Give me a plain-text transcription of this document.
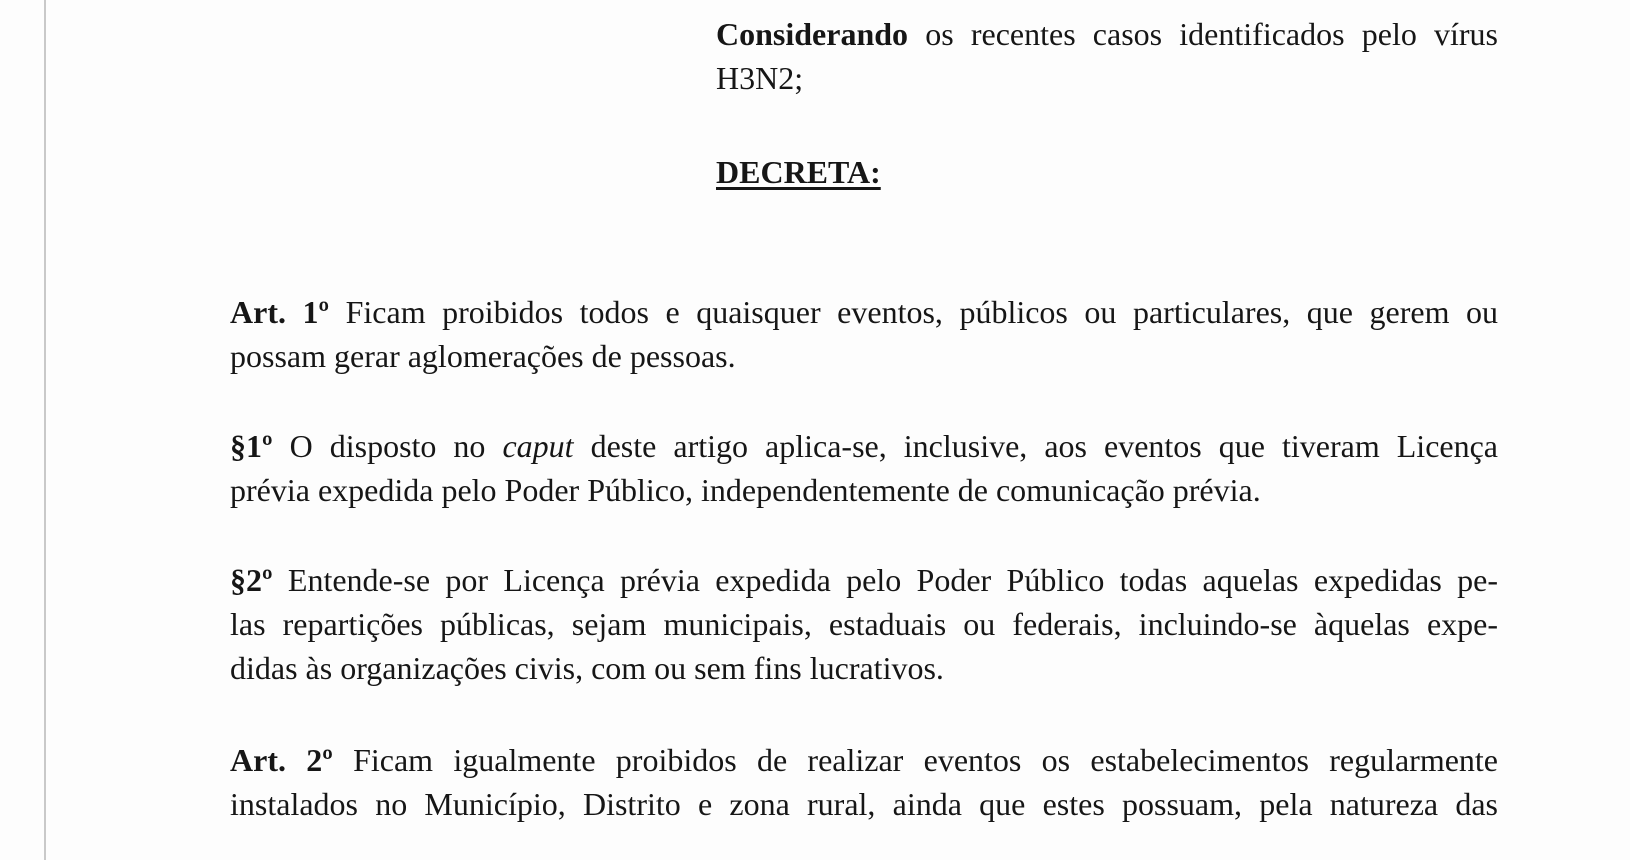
Considerando os recentes casos identificados pelo vírus
H3N2;

DECRETA:

Art. 1º Ficam proibidos todos e quaisquer eventos, públicos ou particulares, que gerem ou
possam gerar aglomerações de pessoas.

§1º O disposto no caput deste artigo aplica-se, inclusive, aos eventos que tiveram Licença
prévia expedida pelo Poder Público, independentemente de comunicação prévia.

§2º Entende-se por Licença prévia expedida pelo Poder Público todas aquelas expedidas pe-
las repartições públicas, sejam municipais, estaduais ou federais, incluindo-se àquelas expe-
didas às organizações civis, com ou sem fins lucrativos.

Art. 2º Ficam igualmente proibidos de realizar eventos os estabelecimentos regularmente
instalados no Município, Distrito e zona rural, ainda que estes possuam, pela natureza das
